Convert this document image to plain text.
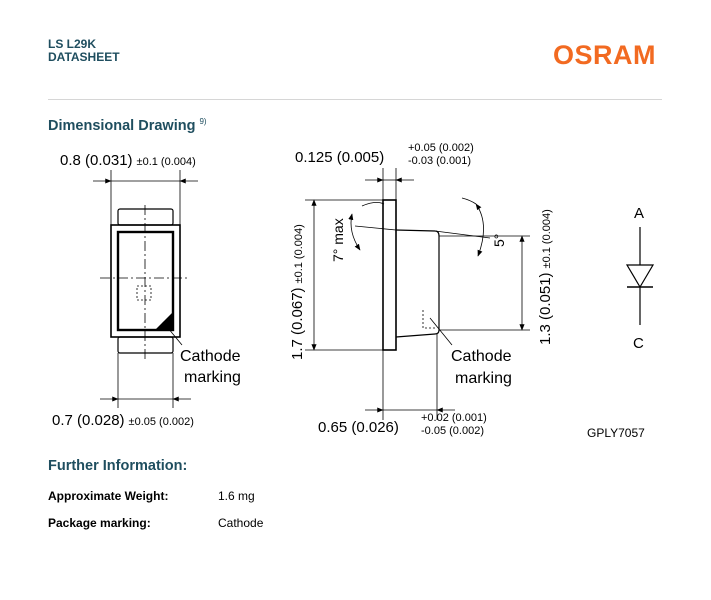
LS L29K
DATASHEET	OSRAM
Dimensional Drawing $^{9)}$
0.8 (0.031) ±0.1 (0.004)
0.7 (0.028) ±0.05 (0.002)
Cathode
marking
0.125 (0.005)
+0.05 (0.002)
-0.03 (0.001)
0.65 (0.026)
+0.02 (0.001)
-0.05 (0.002)
1.7 (0.067)±0.1 (0.004)
1.3 (0.051)±0.1 (0.004)
7° max	5°
Cathode
marking
A
C
GPLY7057
Further Information:
Approximate Weight:	1.6 mg
Package marking:	Cathode
